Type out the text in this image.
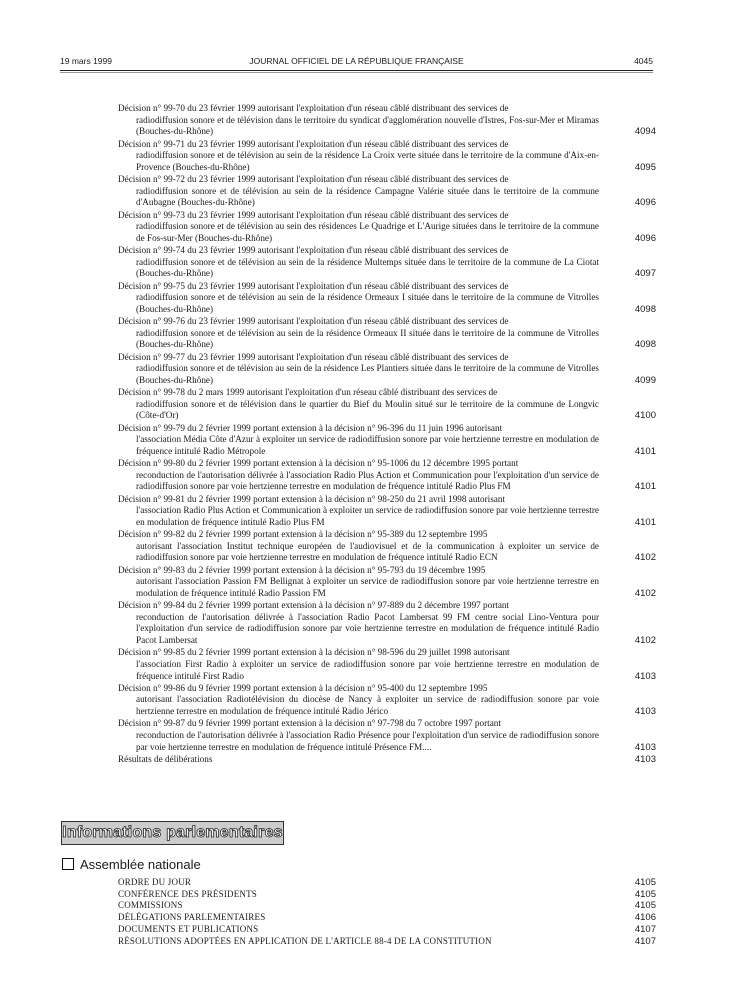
19 mars 1999	JOURNAL OFFICIEL DE LA RÉPUBLIQUE FRANÇAISE	4045
Décision n° 99-70 du 23 février 1999 autorisant l'exploitation d'un réseau câblé distribuant des services de
radiodiffusion sonore et de télévision dans le territoire du syndicat d'agglomération nouvelle d'Istres, Fos-sur-Mer et Miramas (Bouches-du-Rhône)	4094
Décision n° 99-71 du 23 février 1999 autorisant l'exploitation d'un réseau câblé distribuant des services de
radiodiffusion sonore et de télévision au sein de la résidence La Croix verte située dans le territoire de la commune d'Aix-en-Provence (Bouches-du-Rhône)	4095
Décision n° 99-72 du 23 février 1999 autorisant l'exploitation d'un réseau câblé distribuant des services de
radiodiffusion sonore et de télévision au sein de la résidence Campagne Valérie située dans le territoire de la commune d'Aubagne (Bouches-du-Rhône)	4096
Décision n° 99-73 du 23 février 1999 autorisant l'exploitation d'un réseau câblé distribuant des services de
radiodiffusion sonore et de télévision au sein des résidences Le Quadrige et L'Aurige situées dans le territoire de la commune de Fos-sur-Mer (Bouches-du-Rhône)	4096
Décision n° 99-74 du 23 février 1999 autorisant l'exploitation d'un réseau câblé distribuant des services de
radiodiffusion sonore et de télévision au sein de la résidence Multemps située dans le territoire de la commune de La Ciotat (Bouches-du-Rhône)	4097
Décision n° 99-75 du 23 février 1999 autorisant l'exploitation d'un réseau câblé distribuant des services de
radiodiffusion sonore et de télévision au sein de la résidence Ormeaux I située dans le territoire de la commune de Vitrolles (Bouches-du-Rhône)	4098
Décision n° 99-76 du 23 février 1999 autorisant l'exploitation d'un réseau câblé distribuant des services de
radiodiffusion sonore et de télévision au sein de la résidence Ormeaux II située dans le territoire de la commune de Vitrolles (Bouches-du-Rhône)	4098
Décision n° 99-77 du 23 février 1999 autorisant l'exploitation d'un réseau câblé distribuant des services de
radiodiffusion sonore et de télévision au sein de la résidence Les Plantiers située dans le territoire de la commune de Vitrolles (Bouches-du-Rhône)	4099
Décision n° 99-78 du 2 mars 1999 autorisant l'exploitation d'un réseau câblé distribuant des services de
radiodiffusion sonore et de télévision dans le quartier du Bief du Moulin situé sur le territoire de la commune de Longvic (Côte-d'Or)	4100
Décision n° 99-79 du 2 février 1999 portant extension à la décision n° 96-396 du 11 juin 1996 autorisant
l'association Média Côte d'Azur à exploiter un service de radiodiffusion sonore par voie hertzienne terrestre en modulation de fréquence intitulé Radio Métropole	4101
Décision n° 99-80 du 2 février 1999 portant extension à la décision n° 95-1006 du 12 décembre 1995 portant
reconduction de l'autorisation délivrée à l'association Radio Plus Action et Communication pour l'exploitation d'un service de radiodiffusion sonore par voie hertzienne terrestre en modulation de fréquence intitulé Radio Plus FM	4101
Décision n° 99-81 du 2 février 1999 portant extension à la décision n° 98-250 du 21 avril 1998 autorisant
l'association Radio Plus Action et Communication à exploiter un service de radiodiffusion sonore par voie hertzienne terrestre en modulation de fréquence intitulé Radio Plus FM	4101
Décision n° 99-82 du 2 février 1999 portant extension à la décision n° 95-389 du 12 septembre 1995
autorisant l'association Institut technique européen de l'audiovisuel et de la communication à exploiter un service de radiodiffusion sonore par voie hertzienne terrestre en modulation de fréquence intitulé Radio ECN	4102
Décision n° 99-83 du 2 février 1999 portant extension à la décision n° 95-793 du 19 décembre 1995
autorisant l'association Passion FM Bellignat à exploiter un service de radiodiffusion sonore par voie hertzienne terrestre en modulation de fréquence intitulé Radio Passion FM	4102
Décision n° 99-84 du 2 février 1999 portant extension à la décision n° 97-889 du 2 décembre 1997 portant
reconduction de l'autorisation délivrée à l'association Radio Pacot Lambersat 99 FM centre social Lino-Ventura pour l'exploitation d'un service de radiodiffusion sonore par voie hertzienne terrestre en modulation de fréquence intitulé Radio Pacot Lambersat	4102
Décision n° 99-85 du 2 février 1999 portant extension à la décision n° 98-596 du 29 juillet 1998 autorisant
l'association First Radio à exploiter un service de radiodiffusion sonore par voie hertzienne terrestre en modulation de fréquence intitulé First Radio	4103
Décision n° 99-86 du 9 février 1999 portant extension à la décision n° 95-400 du 12 septembre 1995
autorisant l'association Radiotélévision du diocèse de Nancy à exploiter un service de radiodiffusion sonore par voie hertzienne terrestre en modulation de fréquence intitulé Radio Jérico	4103
Décision n° 99-87 du 9 février 1999 portant extension à la décision n° 97-798 du 7 octobre 1997 portant
reconduction de l'autorisation délivrée à l'association Radio Présence pour l'exploitation d'un service de radiodiffusion sonore par voie hertzienne terrestre en modulation de fréquence intitulé Présence FM....	4103
Résultats de délibérations	4103
Informations parlementaires
Assemblée nationale
ORDRE DU JOUR	4105
CONFÉRENCE DES PRÉSIDENTS	4105
COMMISSIONS	4105
DÉLÉGATIONS PARLEMENTAIRES	4106
DOCUMENTS ET PUBLICATIONS	4107
RÉSOLUTIONS ADOPTÉES EN APPLICATION DE L'ARTICLE 88-4 DE LA CONSTITUTION	4107
